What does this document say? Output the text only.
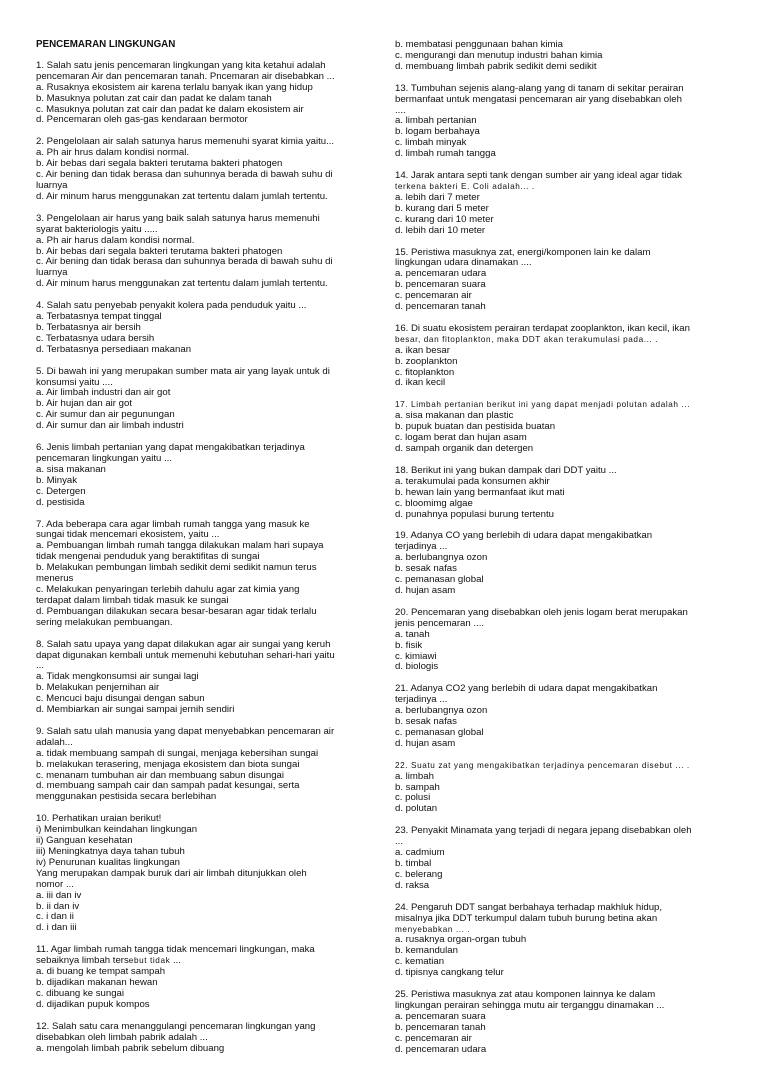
PENCEMARAN LINGKUNGAN

1. Salah satu jenis pencemaran lingkungan yang kita ketahui adalah
pencemaran Air dan pencemaran tanah. Pncemaran air disebabkan ...

a. Rusaknya ekosistem air karena terlalu banyak ikan yang hidup

b. Masuknya polutan zat cair dan padat ke dalam tanah

c. Masuknya polutan zat cair dan padat ke dalam ekosistem air

d. Pencemaran oleh gas-gas kendaraan bermotor

2. Pengelolaan air salah satunya harus memenuhi syarat kimia yaitu...

a. Ph air hrus dalam kondisi normal.

b. Air bebas dari segala bakteri terutama bakteri phatogen

c. Air bening dan tidak berasa dan suhunnya berada di bawah suhu di
luarnya

d. Air minum harus menggunakan zat tertentu dalam jumlah tertentu.

3. Pengelolaan air harus yang baik salah satunya harus memenuhi
syarat bakteriologis yaitu .....

a. Ph air harus dalam kondisi normal.

b. Air bebas dari segala bakteri terutama bakteri phatogen

c. Air bening dan tidak berasa dan suhunnya berada di bawah suhu di
luarnya

d. Air minum harus menggunakan zat tertentu dalam jumlah tertentu.

4. Salah satu penyebab penyakit kolera pada penduduk yaitu ...

a. Terbatasnya tempat tinggal

b. Terbatasnya air bersih

c. Terbatasnya udara bersih

d. Terbatasnya persediaan makanan

5. Di bawah ini yang merupakan sumber mata air yang layak untuk di
konsumsi yaitu ....

a. Air limbah industri dan air got

b. Air hujan dan air got

c. Air sumur dan air pegunungan

d. Air sumur dan air limbah industri

6. Jenis limbah pertanian yang dapat mengakibatkan terjadinya
pencemaran lingkungan yaitu ...

a. sisa makanan

b. Minyak

c. Detergen

d. pestisida

7. Ada beberapa cara agar limbah rumah tangga yang masuk ke
sungai tidak mencemari ekosistem, yaitu ...

a. Pembuangan limbah rumah tangga dilakukan malam hari supaya
tidak mengenai penduduk yang beraktifitas di sungai

b. Melakukan pembungan limbah sedikit demi sedikit namun terus
menerus

c. Melakukan penyaringan terlebih dahulu agar zat kimia yang
terdapat dalam limbah tidak masuk ke sungai

d. Pembuangan dilakukan secara besar-besaran agar tidak terlalu
sering melakukan pembuangan.

8. Salah satu upaya yang dapat dilakukan agar air sungai yang keruh
dapat digunakan kembali untuk memenuhi kebutuhan sehari-hari yaitu
...

a. Tidak mengkonsumsi air sungai lagi

b. Melakukan penjernihan air

c. Mencuci baju disungai dengan sabun

d. Membiarkan air sungai sampai jernih sendiri

9. Salah satu ulah manusia yang dapat menyebabkan pencemaran air
adalah...

a. tidak membuang sampah di sungai, menjaga kebersihan sungai

b. melakukan terasering, menjaga ekosistem dan biota sungai

c. menanam tumbuhan air dan membuang sabun disungai

d. membuang sampah cair dan sampah padat kesungai, serta
menggunakan pestisida secara berlebihan

10. Perhatikan uraian berikut!
i) Menimbulkan keindahan lingkungan
ii) Ganguan kesehatan
iii) Meningkatnya daya tahan tubuh
iv) Penurunan kualitas lingkungan
Yang merupakan dampak buruk dari air limbah ditunjukkan oleh
nomor ...

a. iii dan iv

b. ii dan iv

c. i dan ii

d. i dan iii

11. Agar limbah rumah tangga tidak mencemari lingkungan, maka
sebaiknya limbah tersebut tidak ...

a. di buang ke tempat sampah

b. dijadikan makanan hewan

c. dibuang ke sungai

d. dijadikan pupuk kompos

12. Salah satu cara menanggulangi pencemaran lingkungan yang
disebabkan oleh limbah pabrik adalah ...

a. mengolah limbah pabrik sebelum dibuang

b. membatasi penggunaan bahan kimia

c. mengurangi dan menutup industri bahan kimia

d. membuang limbah pabrik sedikit demi sedikit

13. Tumbuhan sejenis alang-alang yang di tanam di sekitar perairan
bermanfaat untuk mengatasi pencemaran air yang disebabkan oleh
....

a. limbah pertanian

b. logam berbahaya

c. limbah minyak

d. limbah rumah tangga

14. Jarak antara septi tank dengan sumber air yang ideal agar tidak
terkena bakteri E. Coli adalah... .

a. lebih dari 7 meter

b. kurang dari 5 meter

c. kurang dari 10 meter

d. lebih dari 10 meter

15. Peristiwa masuknya zat, energi/komponen lain ke dalam
lingkungan udara dinamakan ....

a. pencemaran udara

b. pencemaran suara

c. pencemaran air

d. pencemaran tanah

16. Di suatu ekosistem perairan terdapat zooplankton, ikan kecil, ikan
besar, dan fitoplankton, maka DDT akan terakumulasi pada... .

a. ikan besar

b. zooplankton

c. fitoplankton

d. ikan kecil

17. Limbah pertanian berikut ini yang dapat menjadi polutan adalah ...

a. sisa makanan dan plastic

b. pupuk buatan dan pestisida buatan

c. logam berat dan hujan asam

d. sampah organik dan detergen

18. Berikut ini yang bukan dampak dari DDT yaitu ...

a. terakumulai pada konsumen akhir

b. hewan lain yang bermanfaat ikut mati

c. bloomimg algae

d. punahnya populasi burung tertentu

19. Adanya CO yang berlebih di udara dapat mengakibatkan
terjadinya ...

a. berlubangnya ozon

b. sesak nafas

c. pemanasan global

d. hujan asam

20. Pencemaran yang disebabkan oleh jenis logam berat merupakan
jenis pencemaran ....

a. tanah

b. fisik

c. kimiawi

d. biologis

21. Adanya CO2 yang berlebih di udara dapat mengakibatkan
terjadinya ...

a. berlubangnya ozon

b. sesak nafas

c. pemanasan global

d. hujan asam

22. Suatu zat yang mengakibatkan terjadinya pencemaran disebut ... .

a. limbah

b. sampah

c. polusi

d. polutan

23. Penyakit Minamata yang terjadi di negara jepang disebabkan oleh
...

a. cadmium

b. timbal

c. belerang

d. raksa

24. Pengaruh DDT sangat berbahaya terhadap makhluk hidup,
misalnya jika DDT terkumpul dalam tubuh burung betina akan
menyebabkan ... .

a. rusaknya organ-organ tubuh

b. kemandulan

c. kematian

d. tipisnya cangkang telur

25. Peristiwa masuknya zat atau komponen lainnya ke dalam
lingkungan perairan sehingga mutu air terganggu dinamakan ...

a. pencemaran suara

b. pencemaran tanah

c. pencemaran air

d. pencemaran udara
